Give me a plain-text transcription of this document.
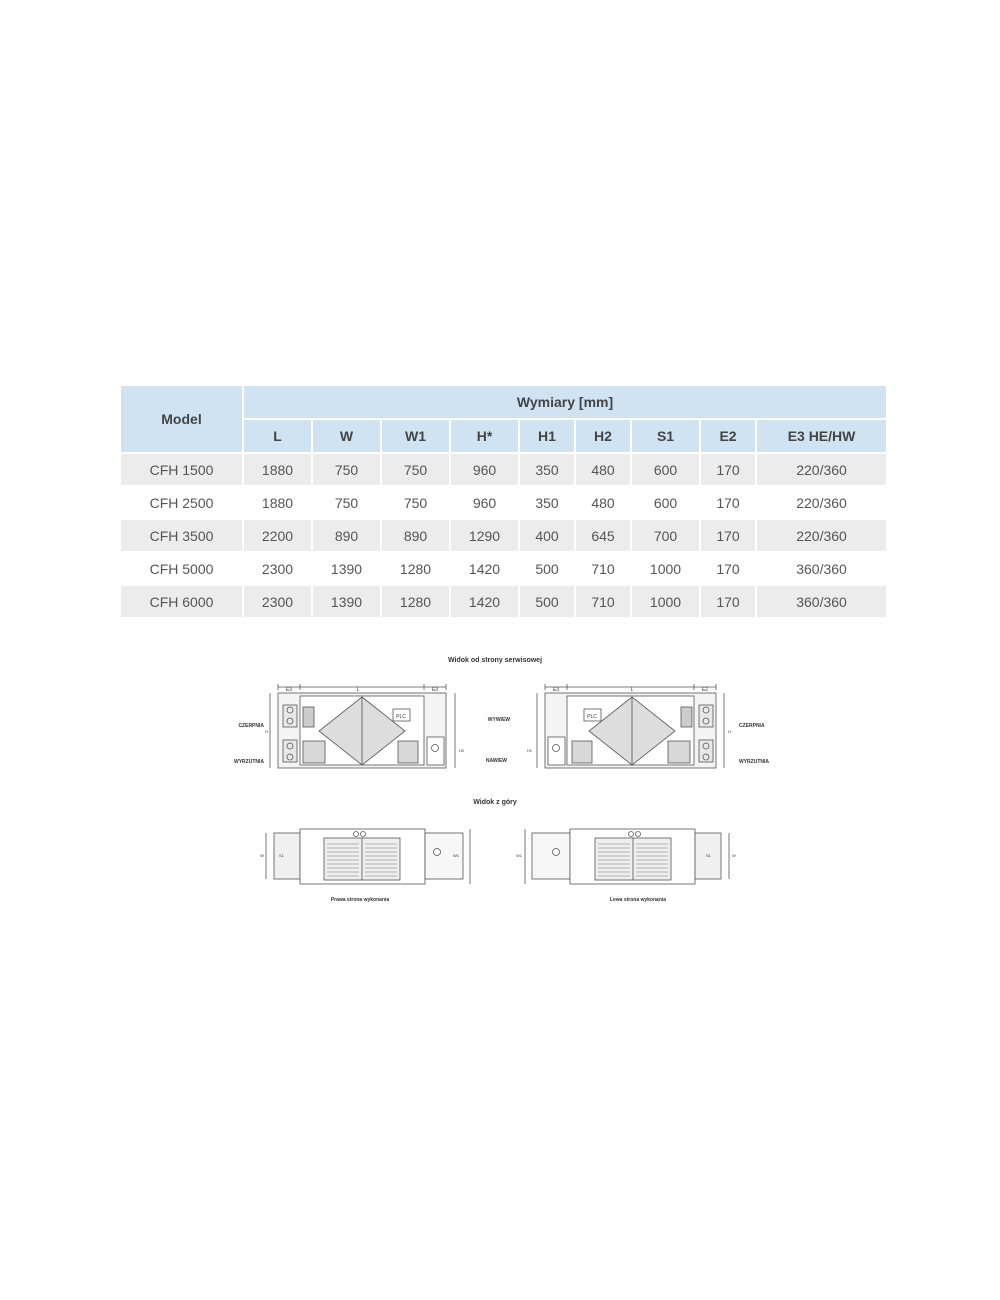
Model	Wymiary [mm]								
	L	W	W1	H*	H1	H2	S1	E2	E3 HE/HW
CFH 1500	1880	750	750	960	350	480	600	170	220/360
CFH 2500	1880	750	750	960	350	480	600	170	220/360
CFH 3500	2200	890	890	1290	400	645	700	170	220/360
CFH 5000	2300	1390	1280	1420	500	710	1000	170	360/360
CFH 6000	2300	1390	1280	1420	500	710	1000	170	360/360
Widok od strony serwisowej
Widok z góry
L
E3	E3
PLC
CZERPNIA
WYRZUTNIA
H
H2
L
E3	E2
PLC
WYWIEW
NAWIEW
CZERPNIA
WYRZUTNIA
H1
H
W	S1	W1
Prawa strona wykonania
W1	S1	W
Lewa strona wykonania
